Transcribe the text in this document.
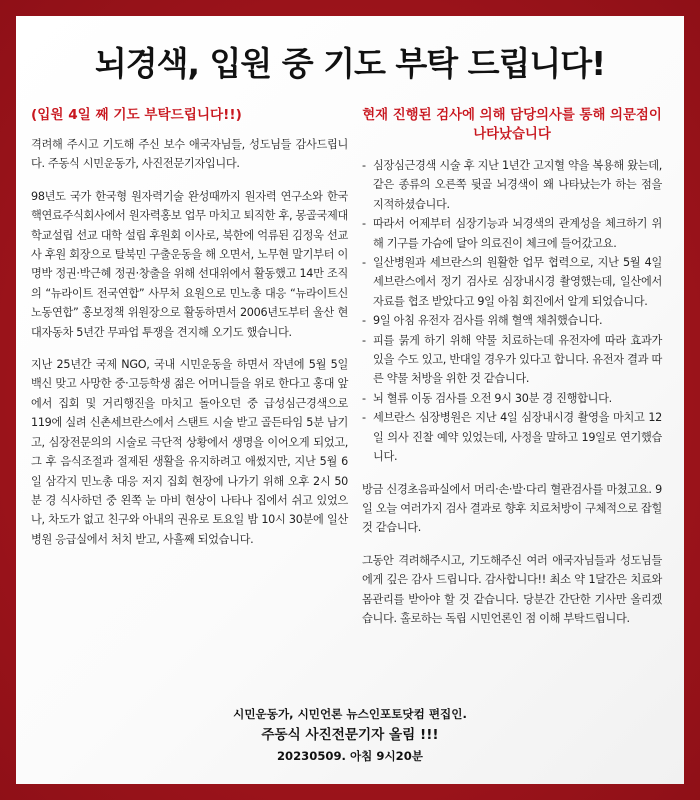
뇌경색, 입원 중 기도 부탁 드립니다!
(입원 4일 째 기도 부탁드립니다!!)

격려해 주시고 기도해 주신 보수 애국자님들, 성도님들 감사드립니다. 주동식 시민운동가, 사진전문기자입니다.

98년도 국가 한국형 원자력기술 완성때까지 원자력 연구소와 한국핵연료주식회사에서 원자력홍보 업무 마치고 퇴직한 후, 몽골국제대학교설립 선교 대학 설립 후원회 이사로, 북한에 억류된 김정욱 선교사 후원 회장으로 탈북민 구출운동을 해 오면서, 노무현 말기부터 이명박 정권·박근혜 정권·창출을 위해 선대위에서 활동했고 14만 조직의 “뉴라이트 전국연합” 사무처 요원으로 민노총 대응 “뉴라이트신노동연합” 홍보정책 위원장으로 활동하면서 2006년도부터 울산 현대자동차 5년간 무파업 투쟁을 견지해 오기도 했습니다.

지난 25년간 국제 NGO, 국내 시민운동을 하면서 작년에 5월 5일 백신 맞고 사망한 중·고등학생 젊은 어머니들을 위로 한다고 홍대 앞에서 집회 및 거리행진을 마치고 돌아오던 중 급성심근경색으로 119에 실려 신촌세브란스에서 스탠트 시술 받고 골든타임 5분 남기고, 심장전문의의 시술로 극단적 상황에서 생명을 이어오게 되었고, 그 후 음식조절과 절제된 생활을 유지하려고 애썼지만, 지난 5월 6일 삼각지 민노총 대응 저지 집회 현장에 나가기 위해 오후 2시 50분 경 식사하던 중 왼쪽 눈 마비 현상이 나타나 집에서 쉬고 있었으나, 차도가 없고 친구와 아내의 권유로 토요일 밤 10시 30분에 일산병원 응급실에서 처치 받고, 사흘째 되었습니다.

현재 진행된 검사에 의해 담당의사를 통해 의문점이 나타났습니다
- 심장심근경색 시술 후 지난 1년간 고지혈 약을 복용해 왔는데, 같은 종류의 오른쪽 뒷골 뇌경색이 왜 나타났는가 하는 점을 지적하셨습니다.
- 따라서 어제부터 심장기능과 뇌경색의 관계성을 체크하기 위해 기구를 가슴에 달아 의료진이 체크에 들어갔고요.
- 일산병원과 세브란스의 원활한 업무 협력으로, 지난 5월 4일 세브란스에서 정기 검사로 심장내시경 촬영했는데, 일산에서 자료를 협조 받았다고 9일 아침 회진에서 알게 되었습니다.
- 9일 아침 유전자 검사를 위해 혈액 채취했습니다.
- 피를 묽게 하기 위해 약물 치료하는데 유전자에 따라 효과가 있을 수도 있고, 반대일 경우가 있다고 합니다. 유전자 결과 따른 약물 처방을 위한 것 같습니다.
- 뇌 혈류 이동 검사를 오전 9시 30분 경 진행합니다.
- 세브란스 심장병원은 지난 4일 심장내시경 촬영을 마치고 12일 의사 진찰 예약 있었는데, 사정을 말하고 19일로 연기했습니다.

방금 신경초음파실에서 머리·손·발·다리 혈관검사를 마쳤고요. 9일 오늘 여러가지 검사 결과로 향후 치료처방이 구체적으로 잡힐 것 같습니다.

그동안 격려해주시고, 기도해주신 여러 애국자님들과 성도님들에게 깊은 감사 드립니다. 감사합니다!! 최소 약 1달간은 치료와 몸관리를 받아야 할 것 같습니다. 당분간 간단한 기사만 올리겠습니다. 홀로하는 독립 시민언론인 점 이해 부탁드립니다.

시민운동가, 시민언론 뉴스인포토닷컴 편집인.
주동식 사진전문기자 올림 !!!
20230509. 아침 9시20분
